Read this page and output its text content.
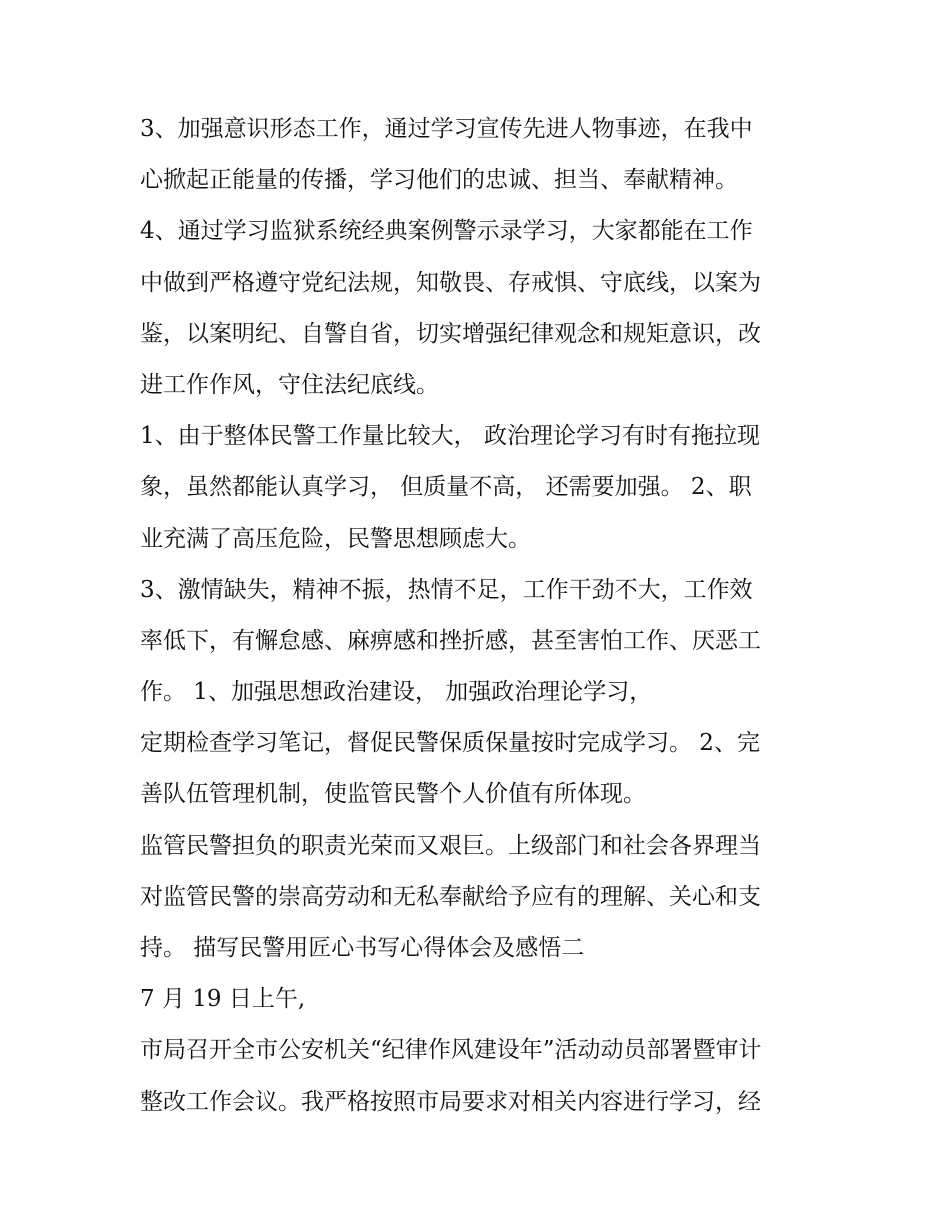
3、加强意识形态工作，通过学习宣传先进人物事迹，在我中
心掀起正能量的传播，学习他们的忠诚、担当、奉献精神。
4、通过学习监狱系统经典案例警示录学习，大家都能在工作
中做到严格遵守党纪法规，知敬畏、存戒惧、守底线，以案为
鉴，以案明纪、自警自省，切实增强纪律观念和规矩意识，改
进工作作风，守住法纪底线。
1、由于整体民警工作量比较大， 政治理论学习有时有拖拉现
象，虽然都能认真学习， 但质量不高， 还需要加强。 2、职
业充满了高压危险，民警思想顾虑大。
3、激情缺失，精神不振，热情不足，工作干劲不大，工作效
率低下，有懈怠感、麻痹感和挫折感，甚至害怕工作、厌恶工
作。 1、加强思想政治建设， 加强政治理论学习，
定期检查学习笔记，督促民警保质保量按时完成学习。 2、完
善队伍管理机制，使监管民警个人价值有所体现。
监管民警担负的职责光荣而又艰巨。上级部门和社会各界理当
对监管民警的崇高劳动和无私奉献给予应有的理解、关心和支
持。 描写民警用匠心书写心得体会及感悟二
7 月 19 日上午,
市局召开全市公安机关“纪律作风建设年”活动动员部署暨审计
整改工作会议。我严格按照市局要求对相关内容进行学习，经
